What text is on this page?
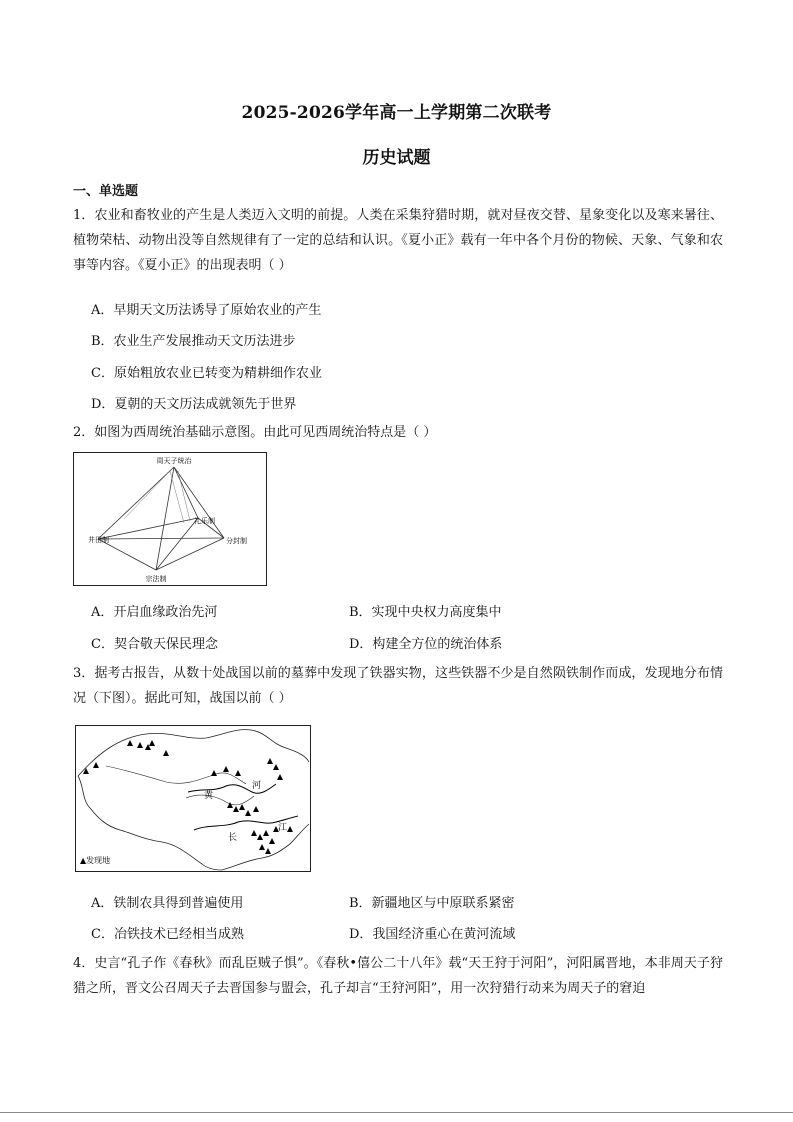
2025-2026学年高一上学期第二次联考
历史试题
一、单选题
1．农业和畜牧业的产生是人类迈入文明的前提。人类在采集狩猎时期，就对昼夜交替、星象变化以及寒来暑往、植物荣枯、动物出没等自然规律有了一定的总结和认识。《夏小正》载有一年中各个月份的物候、天象、气象和农事等内容。《夏小正》的出现表明（ ）
A．早期天文历法诱导了原始农业的产生
B．农业生产发展推动天文历法进步
C．原始粗放农业已转变为精耕细作农业
D．夏朝的天文历法成就领先于世界
2．如图为西周统治基础示意图。由此可见西周统治特点是（ ）
周天子统治
井田制	分封制
宗法制
礼乐制
A．开启血缘政治先河	B．实现中央权力高度集中
C．契合敬天保民理念	D．构建全方位的统治体系
3．据考古报告，从数十处战国以前的墓葬中发现了铁器实物，这些铁器不少是自然陨铁制作而成，发现地分布情况（下图）。据此可知，战国以前（ ）
黄
河
长
江
▲发现地
A．铁制农具得到普遍使用	B．新疆地区与中原联系紧密
C．冶铁技术已经相当成熟	D．我国经济重心在黄河流域
4．史言“孔子作《春秋》而乱臣贼子惧”。《春秋•僖公二十八年》载“天王狩于河阳”，河阳属晋地，本非周天子狩猎之所，晋文公召周天子去晋国参与盟会，孔子却言“王狩河阳”，用一次狩猎行动来为周天子的窘迫
